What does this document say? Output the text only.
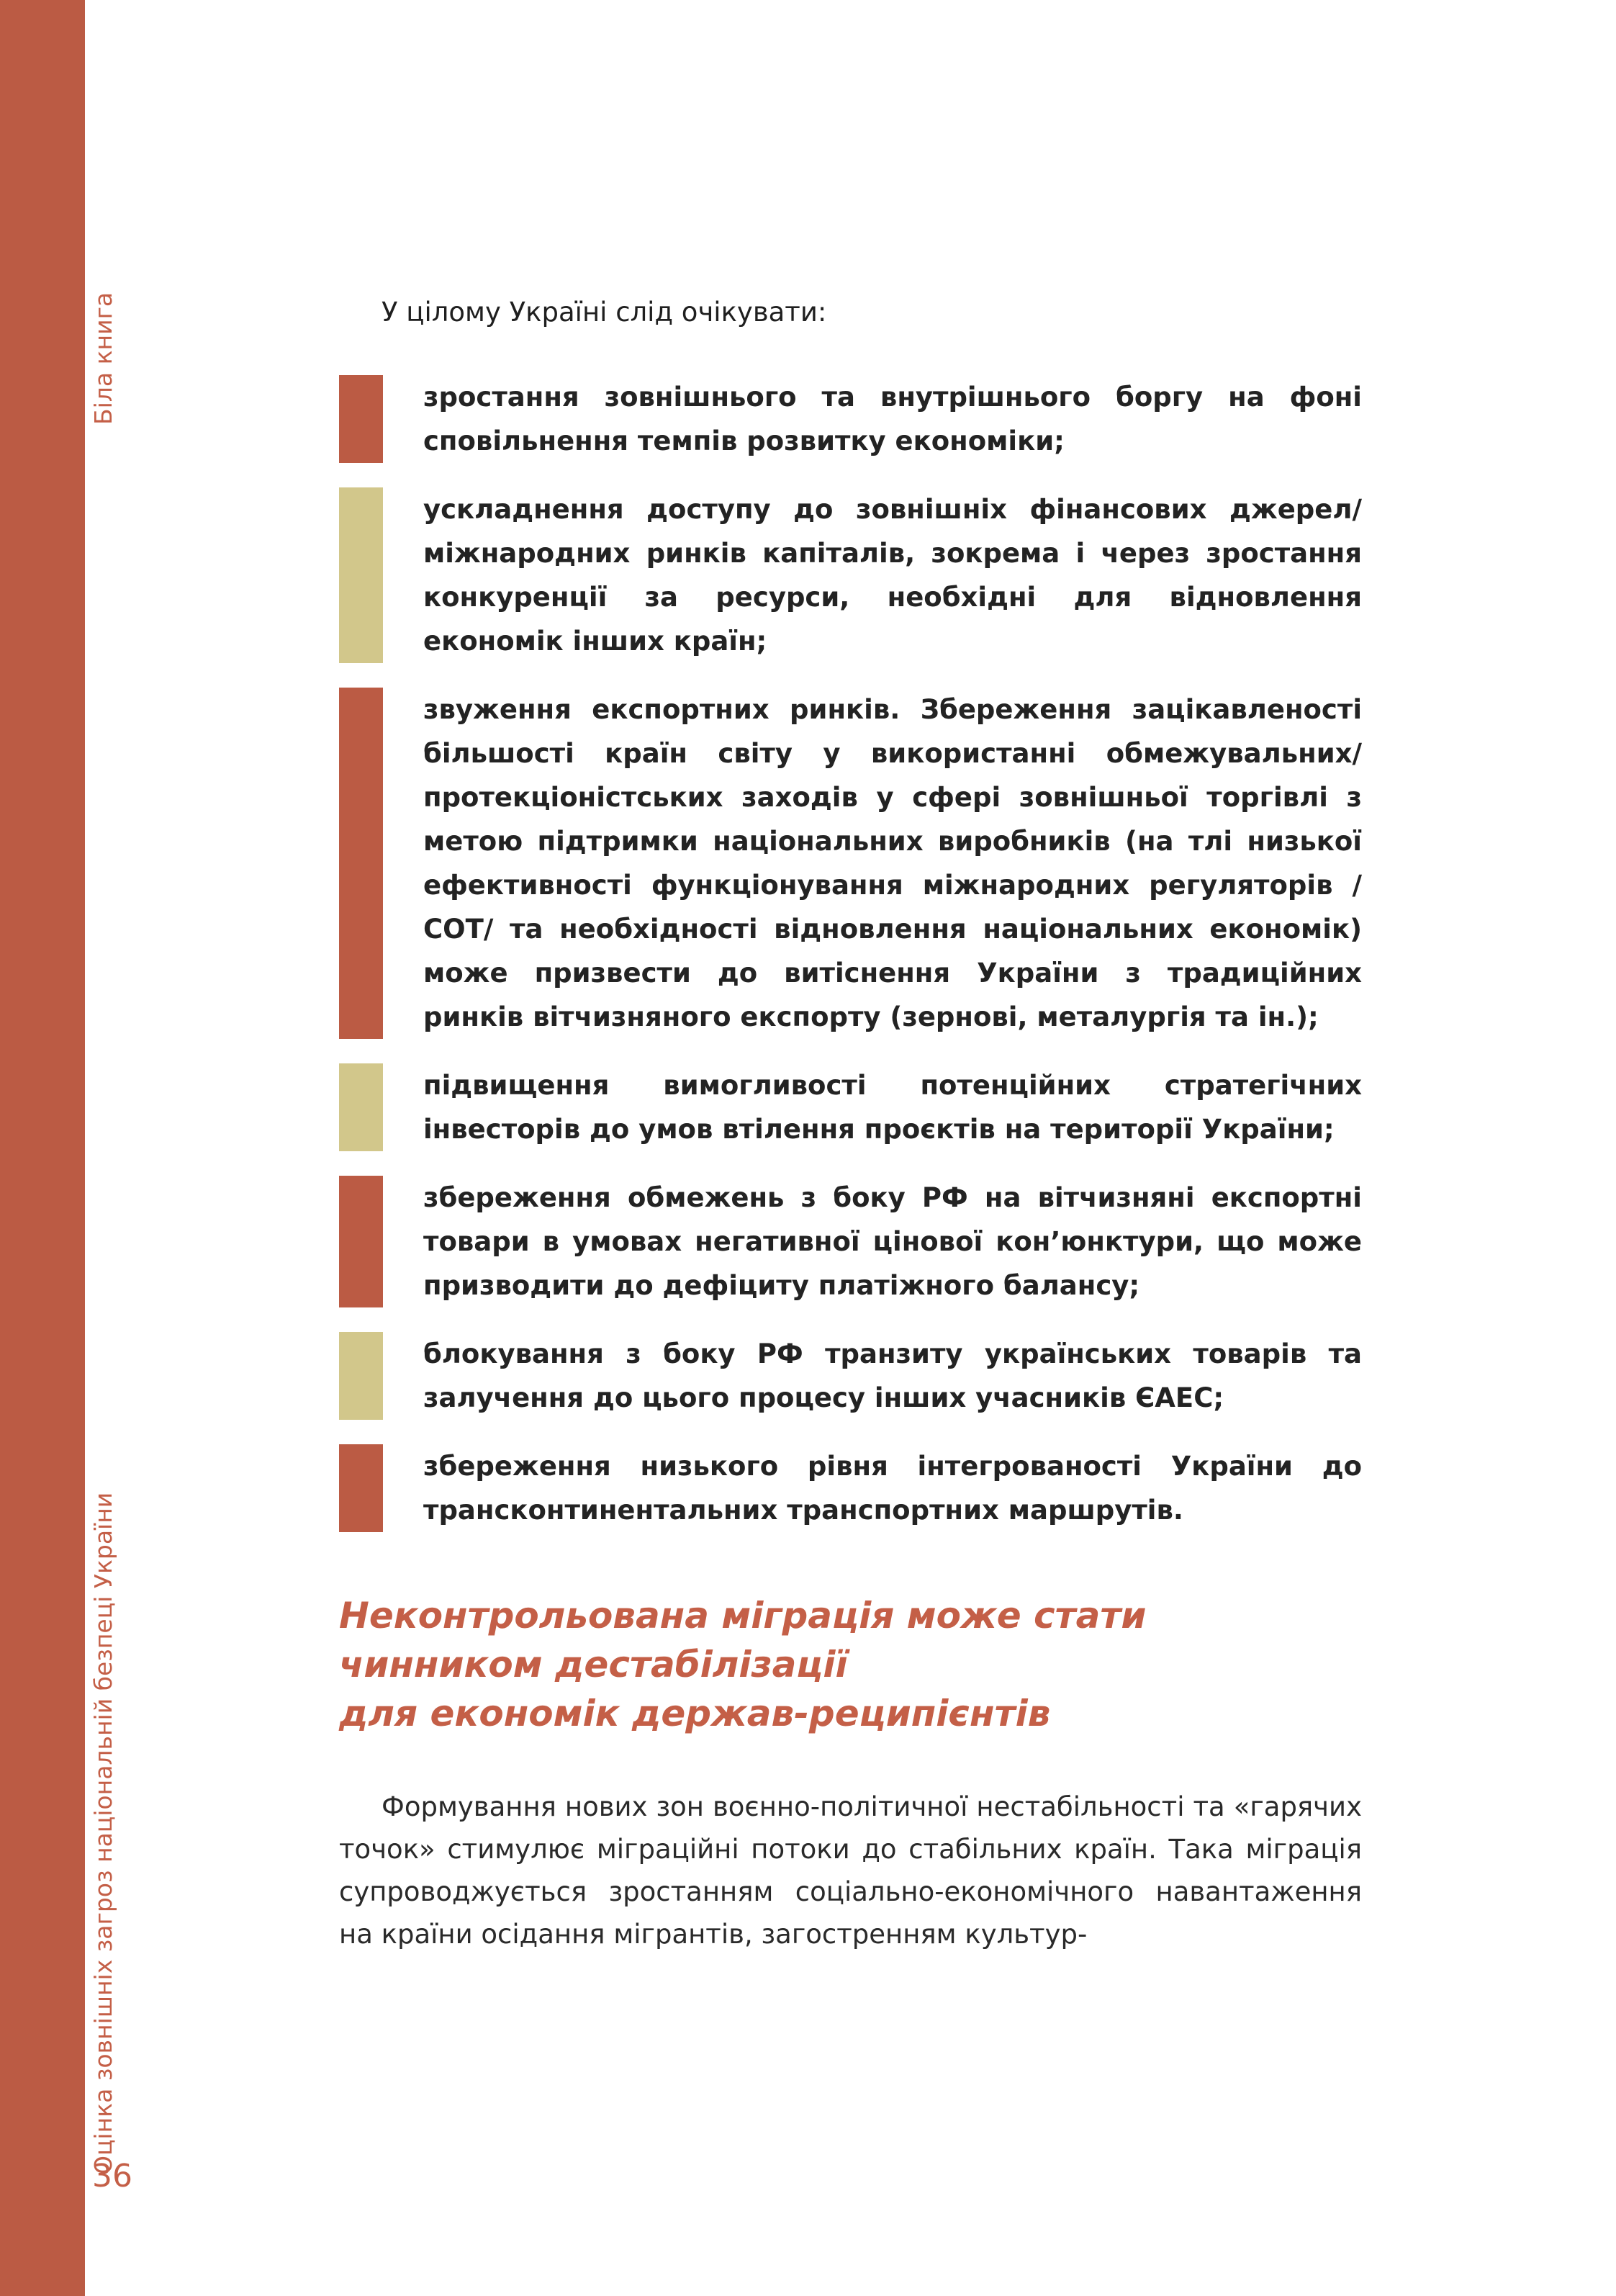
Біла книга
Оцінка зовнішніх загроз національній безпеці України
36
У цілому Україні слід очікувати:
зростання зовнішнього та внутрішнього боргу на фоні сповільнення темпів розвитку економіки;
ускладнення доступу до зовнішніх фінансових джерел/міжнародних ринків капіталів, зокрема і через зростання конкуренції за ресурси, необхідні для відновлення економік інших країн;
звуження експортних ринків. Збереження зацікавленості більшості країн світу у використанні обмежувальних/протекціоністських заходів у сфері зовнішньої торгівлі з метою підтримки національних виробників (на тлі низької ефективності функціонування міжнародних регуляторів /СОТ/ та необхідності відновлення національних економік) може призвести до витіснення України з традиційних ринків вітчизняного експорту (зернові, металургія та ін.);
підвищення вимогливості потенційних стратегічних інвесторів до умов втілення проєктів на території України;
збереження обмежень з боку РФ на вітчизняні експортні товари в умовах негативної цінової кон’юнктури, що може призводити до дефіциту платіжного балансу;
блокування з боку РФ транзиту українських товарів та залучення до цього процесу інших учасників ЄАЕС;
збереження низького рівня інтегрованості України до трансконтинентальних транспортних маршрутів.
Неконтрольована міграція може стати
чинником дестабілізації
для економік держав-реципієнтів
Формування нових зон воєнно-політичної нестабільності та «гарячих точок» стимулює міграційні потоки до стабільних країн. Така міграція супроводжується зростанням соціально-економічного навантаження на країни осідання мігрантів, загостренням культур-
